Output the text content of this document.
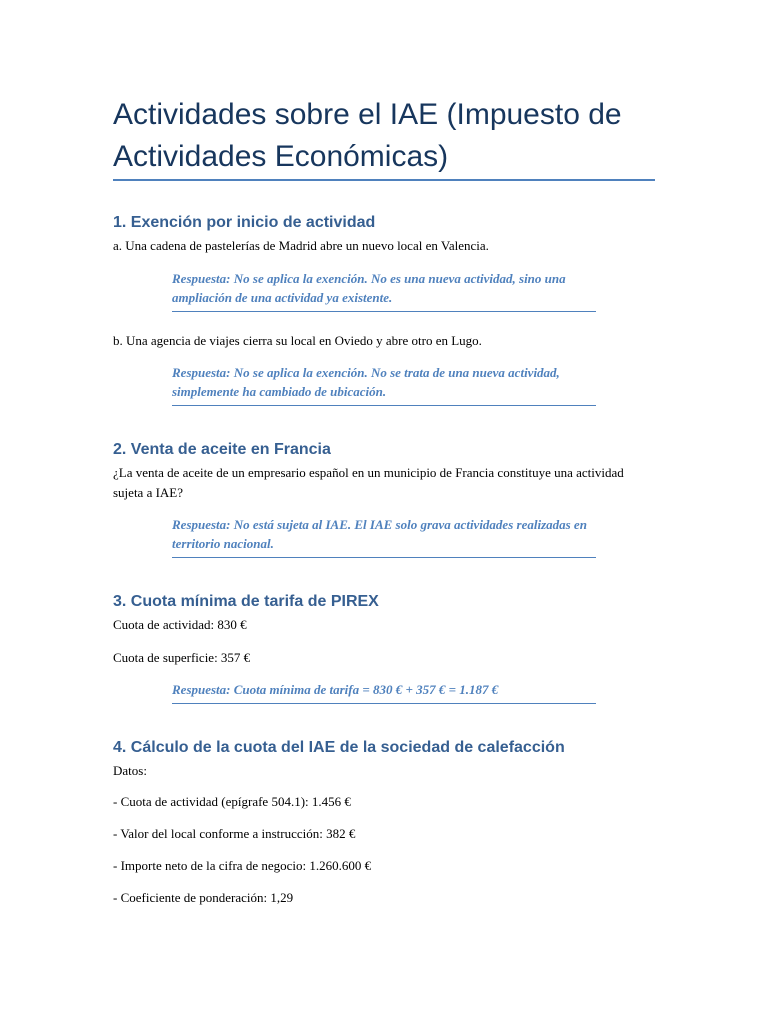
Actividades sobre el IAE (Impuesto de Actividades Económicas)
1. Exención por inicio de actividad

a. Una cadena de pastelerías de Madrid abre un nuevo local en Valencia.

Respuesta: No se aplica la exención. No es una nueva actividad, sino una ampliación de una actividad ya existente.

b. Una agencia de viajes cierra su local en Oviedo y abre otro en Lugo.

Respuesta: No se aplica la exención. No se trata de una nueva actividad, simplemente ha cambiado de ubicación.

2. Venta de aceite en Francia

¿La venta de aceite de un empresario español en un municipio de Francia constituye una actividad sujeta a IAE?

Respuesta: No está sujeta al IAE. El IAE solo grava actividades realizadas en territorio nacional.

3. Cuota mínima de tarifa de PIREX

Cuota de actividad: 830 €

Cuota de superficie: 357 €

Respuesta: Cuota mínima de tarifa = 830 € + 357 € = 1.187 €

4. Cálculo de la cuota del IAE de la sociedad de calefacción

Datos:

- Cuota de actividad (epígrafe 504.1): 1.456 €

- Valor del local conforme a instrucción: 382 €

- Importe neto de la cifra de negocio: 1.260.600 €

- Coeficiente de ponderación: 1,29
